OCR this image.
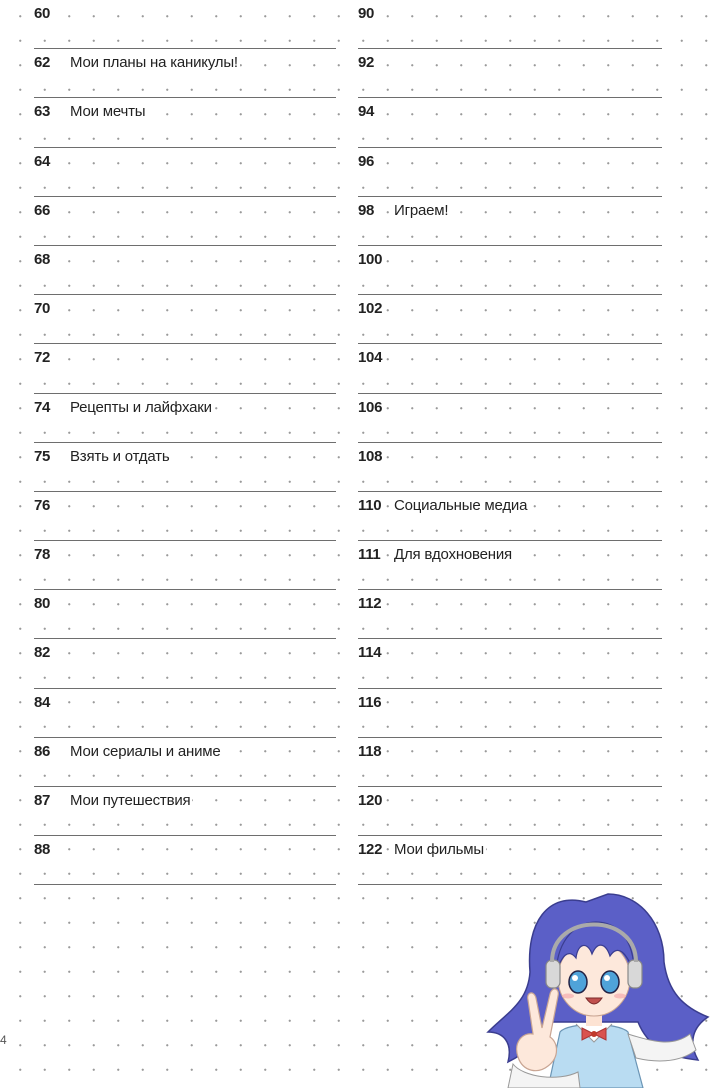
60
62 Мои планы на каникулы!
63 Мои мечты
64
66
68
70
72
74 Рецепты и лайфхаки
75 Взять и отдать
76
78
80
82
84
86 Мои сериалы и аниме
87 Мои путешествия
88
90
92
94
96
98 Играем!
100
102
104
106
108
110 Социальные медиа
111 Для вдохновения
112
114
116
118
120
122 Мои фильмы
4
